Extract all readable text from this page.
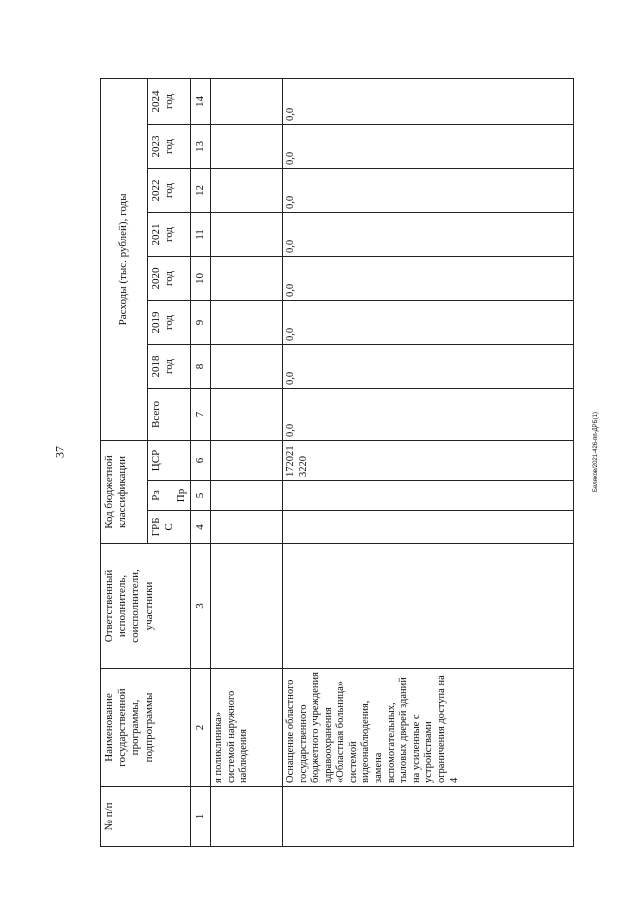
37	Беляков/2021-426-пп-ДРБ(1)
№ п/п	Наименование государственной программы, подпрограммы	Ответственный исполнитель, соисполнители, участники	Код бюджетной классификации			Расходы (тыс. рублей), годы							
			ГРБС	Рз Пр	ЦСР	Всего	2018 год	2019 год	2020 год	2021 год	2022 год	2023 год	2024 год
1	2	3	4	5	6	7	8	9	10	11	12	13	14
	я поликлиника» системой наружного наблюдения												
	Оснащение областного государственного бюджетного учреждения здравоохранения «Областная больница» системой видеонаблюдения, замена вспомогательных, тыловых дверей зданий на усиленные с устройствами ограничения доступа на 4				172021 3220	0,0	0,0	0,0	0,0	0,0	0,0	0,0	0,0
